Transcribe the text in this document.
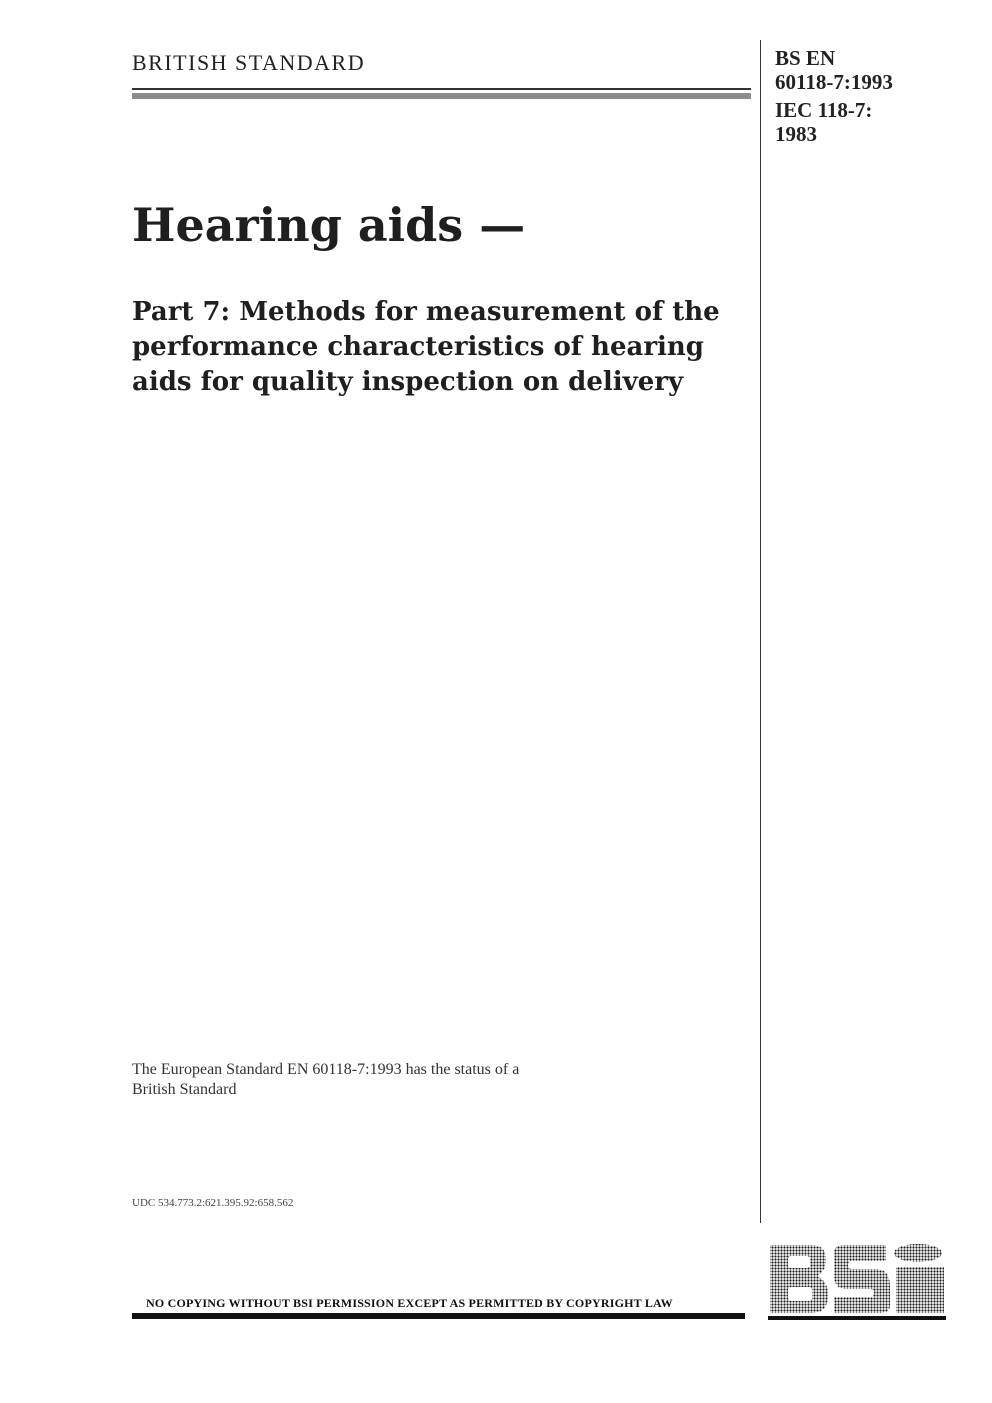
BRITISH STANDARD	BS EN
60118-7:1993
IEC 118-7:
1983
Hearing aids —
Part 7: Methods for measurement of the
performance characteristics of hearing
aids for quality inspection on delivery
The European Standard EN 60118-7:1993 has the status of a
British Standard
UDC 534.773.2:621.395.92:658.562
NO COPYING WITHOUT BSI PERMISSION EXCEPT AS PERMITTED BY COPYRIGHT LAW
